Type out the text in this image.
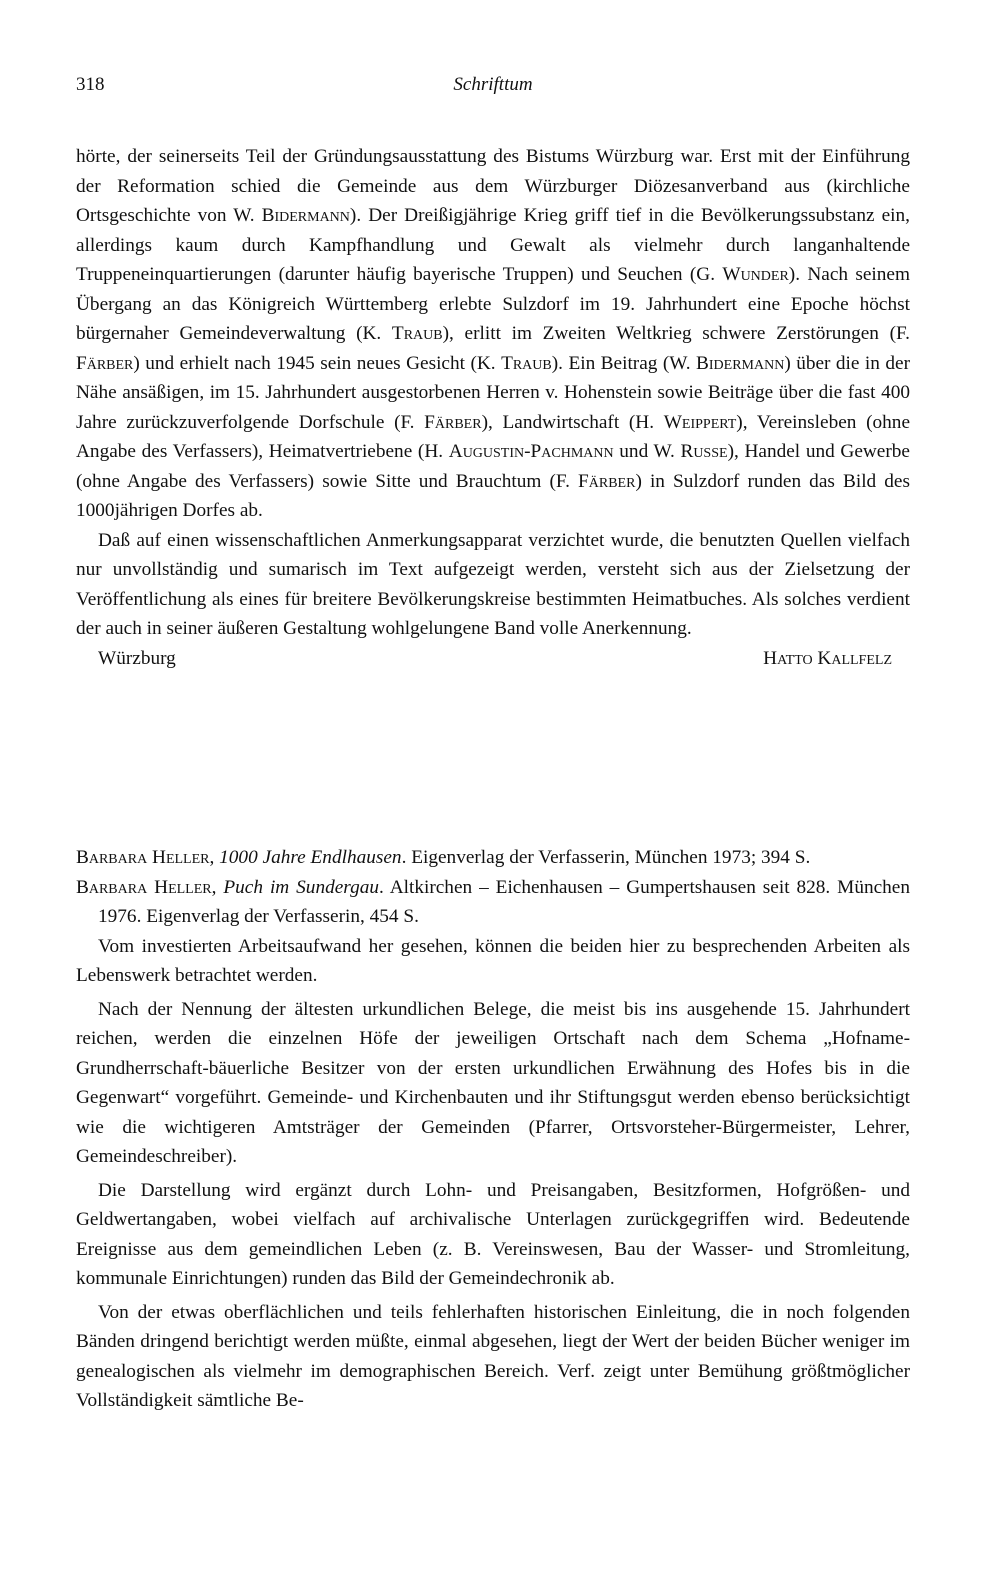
318	Schrifttum

hörte, der seinerseits Teil der Gründungsausstattung des Bistums Würzburg war. Erst mit der Einführung der Reformation schied die Gemeinde aus dem Würzburger Diözesanverband aus (kirchliche Ortsgeschichte von W. Bidermann). Der Dreißigjährige Krieg griff tief in die Bevölkerungssubstanz ein, allerdings kaum durch Kampfhandlung und Gewalt als vielmehr durch langanhaltende Truppeneinquartierungen (darunter häufig bayerische Truppen) und Seuchen (G. Wunder). Nach seinem Übergang an das Königreich Württemberg erlebte Sulzdorf im 19. Jahrhundert eine Epoche höchst bürgernaher Gemeindeverwaltung (K. Traub), erlitt im Zweiten Weltkrieg schwere Zerstörungen (F. Färber) und erhielt nach 1945 sein neues Gesicht (K. Traub). Ein Beitrag (W. Bidermann) über die in der Nähe ansäßigen, im 15. Jahrhundert ausgestorbenen Herren v. Hohenstein sowie Beiträge über die fast 400 Jahre zurückzuverfolgende Dorfschule (F. Färber), Landwirtschaft (H. Weippert), Vereinsleben (ohne Angabe des Verfassers), Heimatvertriebene (H. Augustin-Pachmann und W. Russe), Handel und Gewerbe (ohne Angabe des Verfassers) sowie Sitte und Brauchtum (F. Färber) in Sulzdorf runden das Bild des 1000jährigen Dorfes ab.

Daß auf einen wissenschaftlichen Anmerkungsapparat verzichtet wurde, die benutzten Quellen vielfach nur unvollständig und sumarisch im Text aufgezeigt werden, versteht sich aus der Zielsetzung der Veröffentlichung als eines für breitere Bevölkerungskreise bestimmten Heimatbuches. Als solches verdient der auch in seiner äußeren Gestaltung wohlgelungene Band volle Anerkennung.

Würzburg	Hatto Kallfelz

Barbara Heller, 1000 Jahre Endlhausen. Eigenverlag der Verfasserin, München 1973; 394 S.

Barbara Heller, Puch im Sundergau. Altkirchen – Eichenhausen – Gumpertshausen seit 828. München 1976. Eigenverlag der Verfasserin, 454 S.

Vom investierten Arbeitsaufwand her gesehen, können die beiden hier zu besprechenden Arbeiten als Lebenswerk betrachtet werden.

Nach der Nennung der ältesten urkundlichen Belege, die meist bis ins ausgehende 15. Jahrhundert reichen, werden die einzelnen Höfe der jeweiligen Ortschaft nach dem Schema „Hofname-Grundherrschaft-bäuerliche Besitzer von der ersten urkundlichen Erwähnung des Hofes bis in die Gegenwart“ vorgeführt. Gemeinde- und Kirchenbauten und ihr Stiftungsgut werden ebenso berücksichtigt wie die wichtigeren Amtsträger der Gemeinden (Pfarrer, Ortsvorsteher-Bürgermeister, Lehrer, Gemeindeschreiber).

Die Darstellung wird ergänzt durch Lohn- und Preisangaben, Besitzformen, Hofgrößen- und Geldwertangaben, wobei vielfach auf archivalische Unterlagen zurückgegriffen wird. Bedeutende Ereignisse aus dem gemeindlichen Leben (z. B. Vereinswesen, Bau der Wasser- und Stromleitung, kommunale Einrichtungen) runden das Bild der Gemeindechronik ab.

Von der etwas oberflächlichen und teils fehlerhaften historischen Einleitung, die in noch folgenden Bänden dringend berichtigt werden müßte, einmal abgesehen, liegt der Wert der beiden Bücher weniger im genealogischen als vielmehr im demographischen Bereich. Verf. zeigt unter Bemühung größtmöglicher Vollständigkeit sämtliche Be-
